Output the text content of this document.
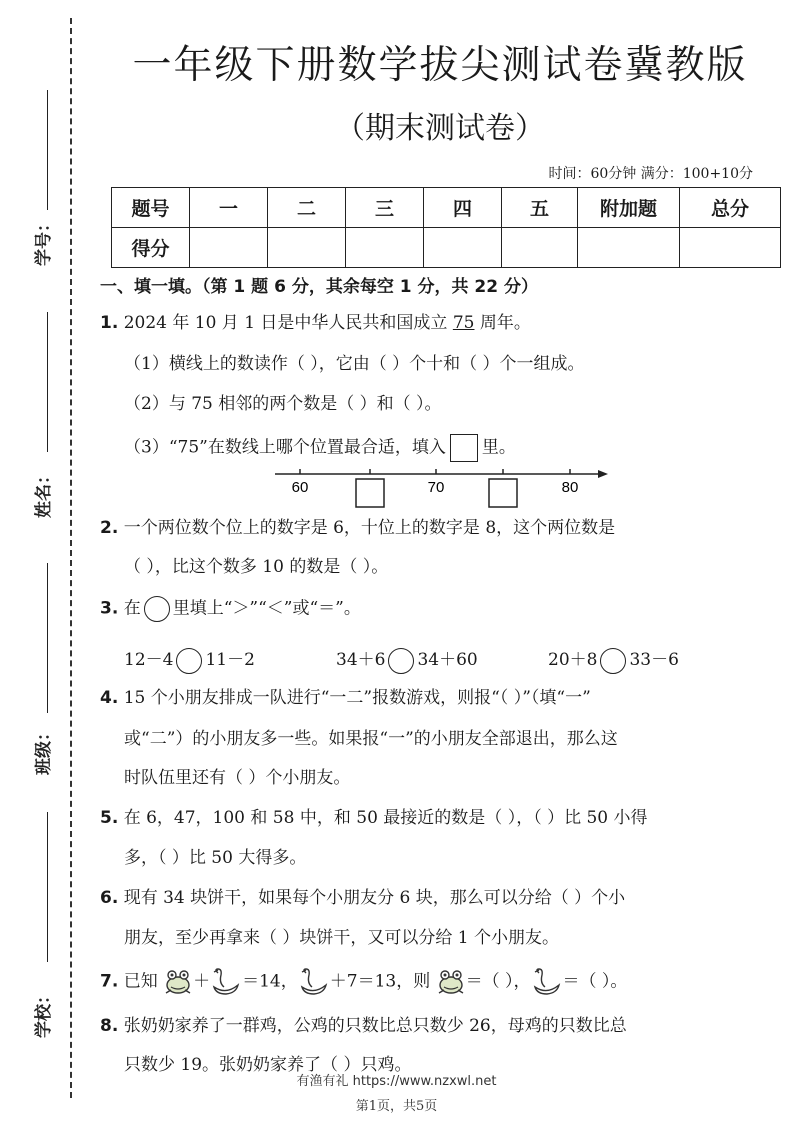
学号：
姓名：
班级：
学校：
一年级下册数学拔尖测试卷冀教版
（期末测试卷）
时间：60分钟 满分：100+10分
题号	一	二	三	四	五	附加题	总分
得分							
一、填一填。（第 1 题 6 分，其余每空 1 分，共 22 分）
1. 2024 年 10 月 1 日是中华人民共和国成立 75 周年。
（1）横线上的数读作（ ），它由（ ）个十和（ ）个一组成。
（2）与 75 相邻的两个数是（ ）和（ ）。
（3）“75”在数线上哪个位置最合适，填入 里。
60	70	80
2. 一个两位数个位上的数字是 6，十位上的数字是 8，这个两位数是
（ ），比这个数多 10 的数是（ ）。
3. 在 里填上“＞”“＜”或“＝”。
12－4 11－2	34＋6 34＋60	20＋8 33－6
4. 15 个小朋友排成一队进行“一二”报数游戏，则报“（ ）”（填“一”
或“二”）的小朋友多一些。如果报“一”的小朋友全部退出，那么这
时队伍里还有（ ）个小朋友。
5. 在 6，47，100 和 58 中，和 50 最接近的数是（ ），（ ）比 50 小得
多，（ ）比 50 大得多。
6. 现有 34 块饼干，如果每个小朋友分 6 块，那么可以分给（ ）个小
朋友，至少再拿来（ ）块饼干，又可以分给 1 个小朋友。
7. 已知 ＋ ＝14， ＋7＝13，则 ＝（ ）， ＝（ ）。
8. 张奶奶家养了一群鸡，公鸡的只数比总只数少 26，母鸡的只数比总
只数少 19。张奶奶家养了（ ）只鸡。
有渔有礼 https://www.nzxwl.net
第1页，共5页
